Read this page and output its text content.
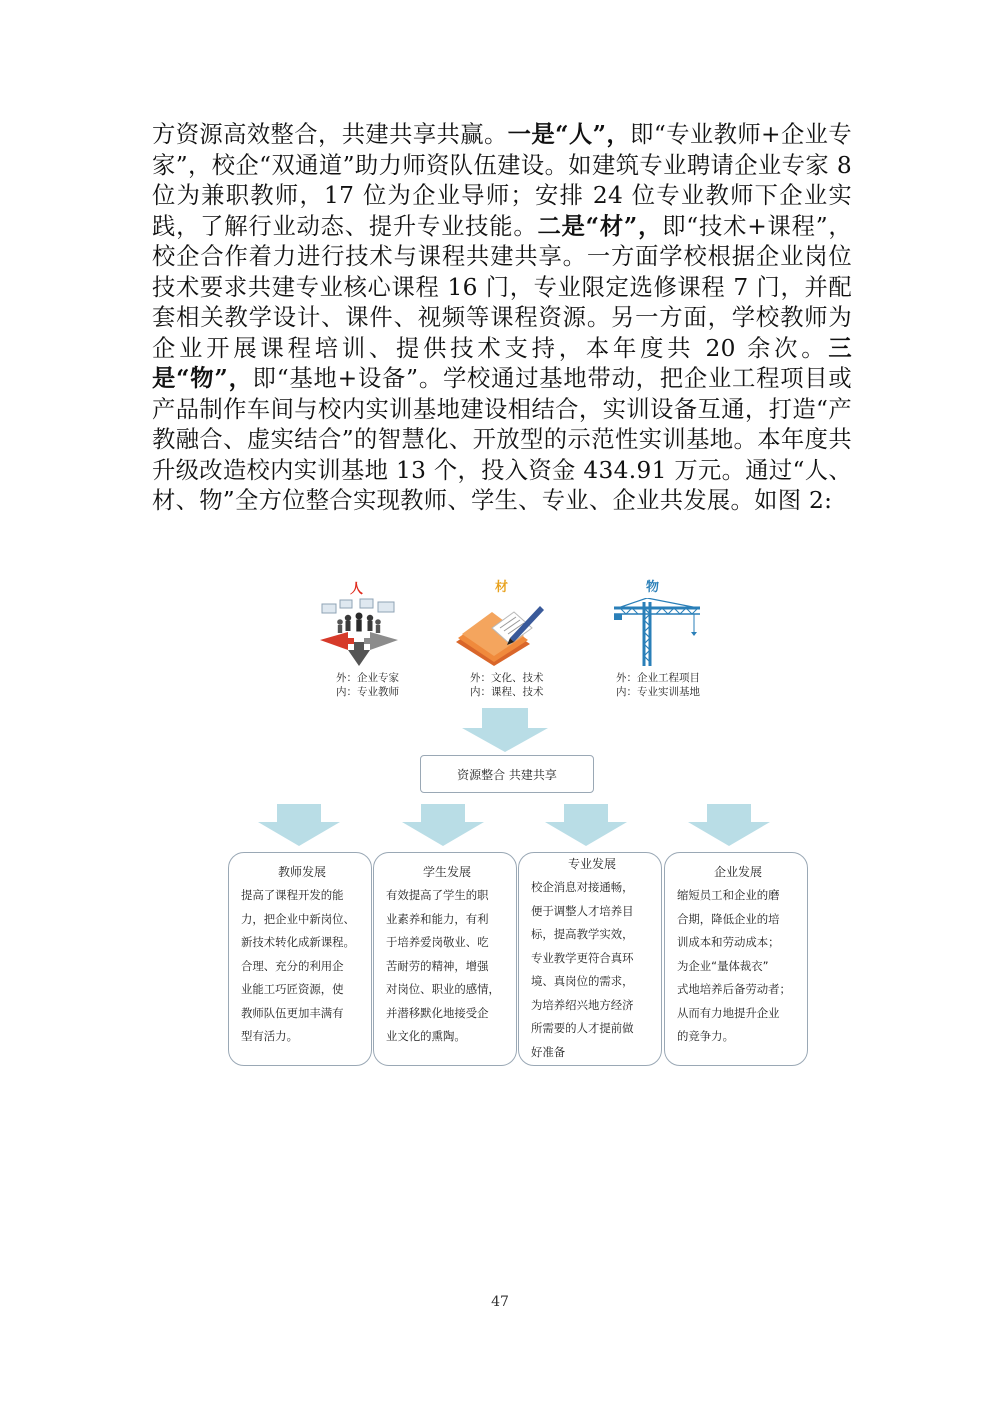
方资源高效整合，共建共享共赢。一是“人”，即“专业教师+企业专家”，校企“双通道”助力师资队伍建设。如建筑专业聘请企业专家 8 位为兼职教师，17 位为企业导师；安排 24 位专业教师下企业实践，了解行业动态、提升专业技能。二是“材”，即“技术+课程”，校企合作着力进行技术与课程共建共享。一方面学校根据企业岗位技术要求共建专业核心课程 16 门，专业限定选修课程 7 门，并配套相关教学设计、课件、视频等课程资源。另一方面，学校教师为企业开展课程培训、提供技术支持，本年度共 20 余次。三是“物”，即“基地+设备”。学校通过基地带动，把企业工程项目或产品制作车间与校内实训基地建设相结合，实训设备互通，打造“产教融合、虚实结合”的智慧化、开放型的示范性实训基地。本年度共升级改造校内实训基地 13 个，投入资金 434.91 万元。通过“人、材、物”全方位整合实现教师、学生、专业、企业共发展。如图 2:

人	材	物
外：企业专家
内：专业教师
外：文化、技术
内：课程、技术
外：企业工程项目
内：专业实训基地
资源整合 共建共享
教师发展
提高了课程开发的能
力，把企业中新岗位、
新技术转化成新课程。
合理、充分的利用企
业能工巧匠资源，使
教师队伍更加丰满有
型有活力。
学生发展
有效提高了学生的职
业素养和能力，有利
于培养爱岗敬业、吃
苦耐劳的精神，增强
对岗位、职业的感情，
并潜移默化地接受企
业文化的熏陶。
专业发展
校企消息对接通畅，
便于调整人才培养目
标，提高教学实效，
专业教学更符合真环
境、真岗位的需求，
为培养绍兴地方经济
所需要的人才提前做
好准备
企业发展
缩短员工和企业的磨
合期，降低企业的培
训成本和劳动成本；
为企业“量体裁衣”
式地培养后备劳动者；
从而有力地提升企业
的竞争力。
47
